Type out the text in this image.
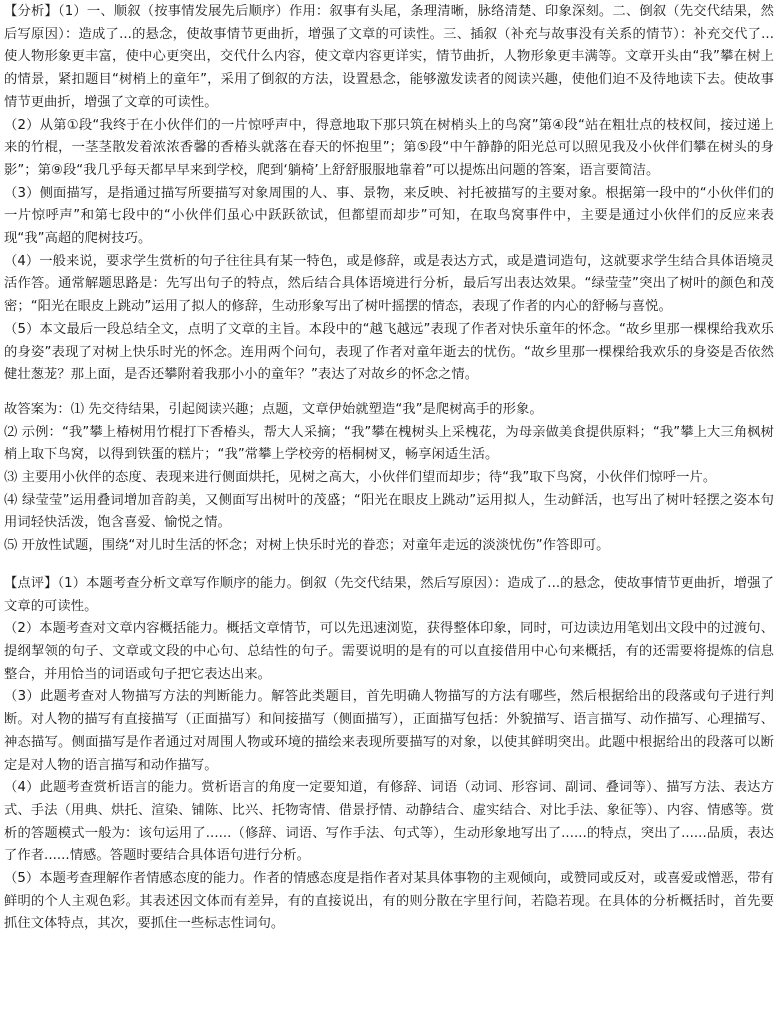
【分析】（1）一、顺叙（按事情发展先后顺序）作用：叙事有头尾，条理清晰，脉络清楚、印象深刻。二、倒叙（先交代结果，然后写原因）：造成了...的悬念，使故事情节更曲折，增强了文章的可读性。三、插叙（补充与故事没有关系的情节）：补充交代了...使人物形象更丰富，使中心更突出，交代什么内容，使文章内容更详实，情节曲折，人物形象更丰满等。文章开头由“我”攀在树上的情景，紧扣题目“树梢上的童年”，采用了倒叙的方法，设置悬念，能够激发读者的阅读兴趣，使他们迫不及待地读下去。使故事情节更曲折，增强了文章的可读性。

（2）从第①段“我终于在小伙伴们的一片惊呼声中，得意地取下那只筑在树梢头上的鸟窝”第④段“站在粗壮点的枝权间，接过递上来的竹棍，一茎茎散发着浓浓香馨的香椿头就落在春天的怀抱里”；第⑤段“中午静静的阳光总可以照见我及小伙伴们攀在树头的身影”；第⑨段“我几乎每天都早早来到学校，爬到‘躺椅’上舒舒服服地靠着”可以提炼出问题的答案，语言要简洁。

（3）侧面描写，是指通过描写所要描写对象周围的人、事、景物，来反映、衬托被描写的主要对象。根据第一段中的“小伙伴们的一片惊呼声”和第七段中的“小伙伴们虽心中跃跃欲试，但都望而却步”可知，在取鸟窝事件中，主要是通过小伙伴们的反应来表现“我”高超的爬树技巧。

（4）一般来说，要求学生赏析的句子往往具有某一特色，或是修辞，或是表达方式，或是遣词造句，这就要求学生结合具体语境灵活作答。通常解题思路是：先写出句子的特点，然后结合具体语境进行分析，最后写出表达效果。“绿莹莹”突出了树叶的颜色和茂密；“阳光在眼皮上跳动”运用了拟人的修辞，生动形象写出了树叶摇摆的情态，表现了作者的内心的舒畅与喜悦。

（5）本文最后一段总结全文，点明了文章的主旨。本段中的“越飞越远”表现了作者对快乐童年的怀念。“故乡里那一棵棵给我欢乐的身姿”表现了对树上快乐时光的怀念。连用两个问句，表现了作者对童年逝去的忧伤。“故乡里那一棵棵给我欢乐的身姿是否依然健壮葱茏？那上面，是否还攀附着我那小小的童年？”表达了对故乡的怀念之情。

故答案为：⑴ 先交待结果，引起阅读兴趣；点题，文章伊始就塑造“我”是爬树高手的形象。

⑵ 示例：“我”攀上椿树用竹棍打下香椿头，帮大人采摘；“我”攀在槐树头上采槐花，为母亲做美食提供原料；“我”攀上大三角枫树梢上取下鸟窝，以得到铁蛋的糕片；“我”常攀上学校旁的梧桐树叉，畅享闲适生活。

⑶ 主要用小伙伴的态度、表现来进行侧面烘托，见树之高大，小伙伴们望而却步；待“我”取下鸟窝，小伙伴们惊呼一片。

⑷ 绿莹莹”运用叠词增加音韵美，又侧面写出树叶的茂盛；“阳光在眼皮上跳动”运用拟人，生动鲜活，也写出了树叶轻摆之姿本句用词轻快活泼，饱含喜爱、愉悦之情。

⑸ 开放性试题，围绕“对儿时生活的怀念；对树上快乐时光的眷恋；对童年走远的淡淡忧伤”作答即可。

【点评】（1）本题考查分析文章写作顺序的能力。倒叙（先交代结果，然后写原因）：造成了...的悬念，使故事情节更曲折，增强了文章的可读性。

（2）本题考查对文章内容概括能力。概括文章情节，可以先迅速浏览，获得整体印象，同时，可边读边用笔划出文段中的过渡句、提纲挈领的句子、文章或文段的中心句、总结性的句子。需要说明的是有的可以直接借用中心句来概括，有的还需要将提炼的信息整合，并用恰当的词语或句子把它表达出来。

（3）此题考查对人物描写方法的判断能力。解答此类题目，首先明确人物描写的方法有哪些，然后根据给出的段落或句子进行判断。对人物的描写有直接描写（正面描写）和间接描写（侧面描写），正面描写包括：外貌描写、语言描写、动作描写、心理描写、神态描写。侧面描写是作者通过对周围人物或环境的描绘来表现所要描写的对象，以使其鲜明突出。此题中根据给出的段落可以断定是对人物的语言描写和动作描写。

（4）此题考查赏析语言的能力。赏析语言的角度一定要知道，有修辞、词语（动词、形容词、副词、叠词等）、描写方法、表达方式、手法（用典、烘托、渲染、铺陈、比兴、托物寄情、借景抒情、动静结合、虚实结合、对比手法、象征等）、内容、情感等。赏析的答题模式一般为：该句运用了......（修辞、词语、写作手法、句式等），生动形象地写出了......的特点，突出了......品质，表达了作者......情感。答题时要结合具体语句进行分析。

（5）本题考查理解作者情感态度的能力。作者的情感态度是指作者对某具体事物的主观倾向，或赞同或反对，或喜爱或憎恶，带有鲜明的个人主观色彩。其表述因文体而有差异，有的直接说出，有的则分散在字里行间，若隐若现。在具体的分析概括时，首先要抓住文体特点，其次，要抓住一些标志性词句。
